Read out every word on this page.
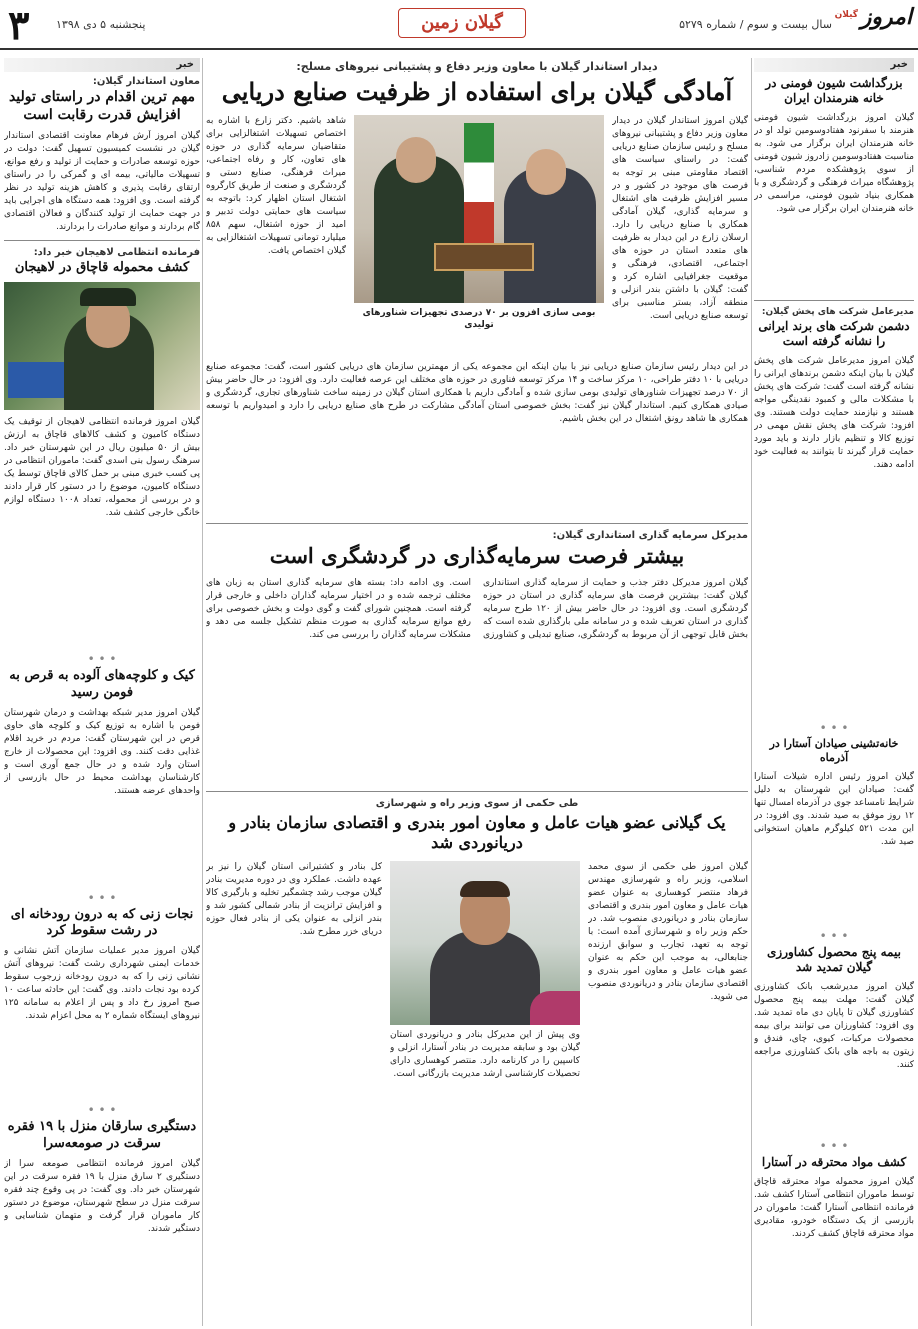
۳ پنجشنبه ۵ دی ۱۳۹۸	گیلان زمین	سال بیست و سوم / شماره ۵۲۷۹ امروز
گیلان
خبر
معاون استاندار گیلان:
مهم ترین اقدام در راستای تولید افزایش قدرت رقابت است
گیلان امروز آرش فرهام معاونت اقتصادی استاندار گیلان در نشست کمیسیون تسهیل گفت: دولت در حوزه توسعه صادرات و حمایت از تولید و رفع موانع، تسهیلات مالیاتی، بیمه ای و گمرکی را در راستای ارتقای رقابت پذیری و کاهش هزینه تولید در نظر گرفته است. وی افزود: همه دستگاه های اجرایی باید در جهت حمایت از تولید کنندگان و فعالان اقتصادی گام بردارند و موانع صادرات را بردارند.
فرمانده انتظامی لاهیجان خبر داد:
کشف محموله قاچاق در لاهیجان
گیلان امروز فرمانده انتظامی لاهیجان از توقیف یک دستگاه کامیون و کشف کالاهای قاچاق به ارزش بیش از ۵۰ میلیون ریال در این شهرستان خبر داد. سرهنگ رسول بنی اسدی گفت: ماموران انتظامی در پی کسب خبری مبنی بر حمل کالای قاچاق توسط یک دستگاه کامیون، موضوع را در دستور کار قرار دادند و در بررسی از محموله، تعداد ۱۰۰۸ دستگاه لوازم خانگی خارجی کشف شد.
• • •
کیک و کلوچه‌های آلوده به قرص به فومن رسید
گیلان امروز مدیر شبکه بهداشت و درمان شهرستان فومن با اشاره به توزیع کیک و کلوچه های حاوی قرص در این شهرستان گفت: مردم در خرید اقلام غذایی دقت کنند. وی افزود: این محصولات از خارج استان وارد شده و در حال جمع آوری است و کارشناسان بهداشت محیط در حال بازرسی از واحدهای عرضه هستند.
• • •
نجات زنی که به درون رودخانه ای در رشت سقوط کرد
گیلان امروز مدیر عملیات سازمان آتش نشانی و خدمات ایمنی شهرداری رشت گفت: نیروهای آتش نشانی زنی را که به درون رودخانه زرجوب سقوط کرده بود نجات دادند. وی گفت: این حادثه ساعت ۱۰ صبح امروز رخ داد و پس از اعلام به سامانه ۱۲۵ نیروهای ایستگاه شماره ۲ به محل اعزام شدند.
• • •
دستگیری سارقان منزل با ۱۹ فقره سرقت در صومعه‌سرا
گیلان امروز فرمانده انتظامی صومعه سرا از دستگیری ۲ سارق منزل با ۱۹ فقره سرقت در این شهرستان خبر داد. وی گفت: در پی وقوع چند فقره سرقت منزل در سطح شهرستان، موضوع در دستور کار ماموران قرار گرفت و متهمان شناسایی و دستگیر شدند.
دیدار استاندار گیلان با معاون وزیر دفاع و پشتیبانی نیروهای مسلح:
آمادگی گیلان برای استفاده از ظرفیت صنایع دریایی
گیلان امروز استاندار گیلان در دیدار معاون وزیر دفاع و پشتیبانی نیروهای مسلح و رئیس سازمان صنایع دریایی گفت: در راستای سیاست های اقتصاد مقاومتی مبنی بر توجه به فرصت های موجود در کشور و در مسیر افزایش ظرفیت های اشتغال و سرمایه گذاری، گیلان آمادگی همکاری با صنایع دریایی را دارد. ارسلان زارع در این دیدار به ظرفیت های متعدد استان در حوزه های اجتماعی، اقتصادی، فرهنگی و موقعیت جغرافیایی اشاره کرد و گفت: گیلان با داشتن بندر انزلی و منطقه آزاد، بستر مناسبی برای توسعه صنایع دریایی است.
بومی سازی افزون بر ۷۰ درصدی تجهیزات شناورهای تولیدی
شاهد باشیم. دکتر زارع با اشاره به اختصاص تسهیلات اشتغالزایی برای متقاضیان سرمایه گذاری در حوزه های تعاون، کار و رفاه اجتماعی، میراث فرهنگی، صنایع دستی و گردشگری و صنعت از طریق کارگروه اشتغال استان اظهار کرد: باتوجه به سیاست های حمایتی دولت تدبیر و امید از حوزه اشتغال، سهم ۸۵۸ میلیارد تومانی تسهیلات اشتغالزایی به گیلان اختصاص یافت.
در این دیدار رئیس سازمان صنایع دریایی نیز با بیان اینکه این مجموعه یکی از مهمترین سازمان های دریایی کشور است، گفت: مجموعه صنایع دریایی با ۱۰ دفتر طراحی، ۱۰ مرکز ساخت و ۱۴ مرکز توسعه فناوری در حوزه های مختلف این عرصه فعالیت دارد. وی افزود: در حال حاضر بیش از ۷۰ درصد تجهیزات شناورهای تولیدی بومی سازی شده و آمادگی داریم با همکاری استان گیلان در زمینه ساخت شناورهای تجاری، گردشگری و صیادی همکاری کنیم. استاندار گیلان نیز گفت: بخش خصوصی استان آمادگی مشارکت در طرح های صنایع دریایی را دارد و امیدواریم با توسعه همکاری ها شاهد رونق اشتغال در این بخش باشیم.
مدیرکل سرمایه گذاری استانداری گیلان:
بیشتر فرصت سرمایه‌گذاری در گردشگری است
گیلان امروز مدیرکل دفتر جذب و حمایت از سرمایه گذاری استانداری گیلان گفت: بیشترین فرصت های سرمایه گذاری در استان در حوزه گردشگری است. وی افزود: در حال حاضر بیش از ۱۲۰ طرح سرمایه گذاری در استان تعریف شده و در سامانه ملی بارگذاری شده است که بخش قابل توجهی از آن مربوط به گردشگری، صنایع تبدیلی و کشاورزی است. وی ادامه داد: بسته های سرمایه گذاری استان به زبان های مختلف ترجمه شده و در اختیار سرمایه گذاران داخلی و خارجی قرار گرفته است. همچنین شورای گفت و گوی دولت و بخش خصوصی برای رفع موانع سرمایه گذاری به صورت منظم تشکیل جلسه می دهد و مشکلات سرمایه گذاران را بررسی می کند.
طی حکمی از سوی وزیر راه و شهرسازی
یک گیلانی عضو هیات عامل و معاون امور بندری و اقتصادی سازمان بنادر و دریانوردی شد
گیلان امروز طی حکمی از سوی محمد اسلامی، وزیر راه و شهرسازی مهندس فرهاد منتصر کوهساری به عنوان عضو هیات عامل و معاون امور بندری و اقتصادی سازمان بنادر و دریانوردی منصوب شد. در حکم وزیر راه و شهرسازی آمده است: با توجه به تعهد، تجارب و سوابق ارزنده جنابعالی، به موجب این حکم به عنوان عضو هیات عامل و معاون امور بندری و اقتصادی سازمان بنادر و دریانوردی منصوب می شوید.
وی پیش از این مدیرکل بنادر و دریانوردی استان گیلان بود و سابقه مدیریت در بنادر آستارا، انزلی و کاسپین را در کارنامه دارد. منتصر کوهساری دارای تحصیلات کارشناسی ارشد مدیریت بازرگانی است.
کل بنادر و کشتیرانی استان گیلان را نیز بر عهده داشت. عملکرد وی در دوره مدیریت بنادر گیلان موجب رشد چشمگیر تخلیه و بارگیری کالا و افزایش ترانزیت از بنادر شمالی کشور شد و بندر انزلی به عنوان یکی از بنادر فعال حوزه دریای خزر مطرح شد.
خبر
بزرگداشت شیون فومنی در خانه هنرمندان ایران
گیلان امروز بزرگداشت شیون فومنی هنرمند با سفرنود هفتادوسومین تولد او در خانه هنرمندان ایران برگزار می شود. به مناسبت هفتادوسومین زادروز شیون فومنی از سوی پژوهشکده مردم شناسی، پژوهشگاه میراث فرهنگی و گردشگری و با همکاری بنیاد شیون فومنی، مراسمی در خانه هنرمندان ایران برگزار می شود.
مدیرعامل شرکت های پخش گیلان:
دشمن شرکت های برند ایرانی را نشانه گرفته است
گیلان امروز مدیرعامل شرکت های پخش گیلان با بیان اینکه دشمن برندهای ایرانی را نشانه گرفته است گفت: شرکت های پخش با مشکلات مالی و کمبود نقدینگی مواجه هستند و نیازمند حمایت دولت هستند. وی افزود: شرکت های پخش نقش مهمی در توزیع کالا و تنظیم بازار دارند و باید مورد حمایت قرار گیرند تا بتوانند به فعالیت خود ادامه دهند.
• • •
خانه‌تشینی صیادان آستارا در آذرماه
گیلان امروز رئیس اداره شیلات آستارا گفت: صیادان این شهرستان به دلیل شرایط نامساعد جوی در آذرماه امسال تنها ۱۲ روز موفق به صید شدند. وی افزود: در این مدت ۵۲۱ کیلوگرم ماهیان استخوانی صید شد.
• • •
بیمه پنج محصول کشاورزی گیلان تمدید شد
گیلان امروز مدیرشعب بانک کشاورزی گیلان گفت: مهلت بیمه پنج محصول کشاورزی گیلان تا پایان دی ماه تمدید شد. وی افزود: کشاورزان می توانند برای بیمه محصولات مرکبات، کیوی، چای، فندق و زیتون به باجه های بانک کشاورزی مراجعه کنند.
• • •
کشف مواد محترقه در آستارا
گیلان امروز محموله مواد محترقه قاچاق توسط ماموران انتظامی آستارا کشف شد. فرمانده انتظامی آستارا گفت: ماموران در بازرسی از یک دستگاه خودرو، مقادیری مواد محترقه قاچاق کشف کردند.
